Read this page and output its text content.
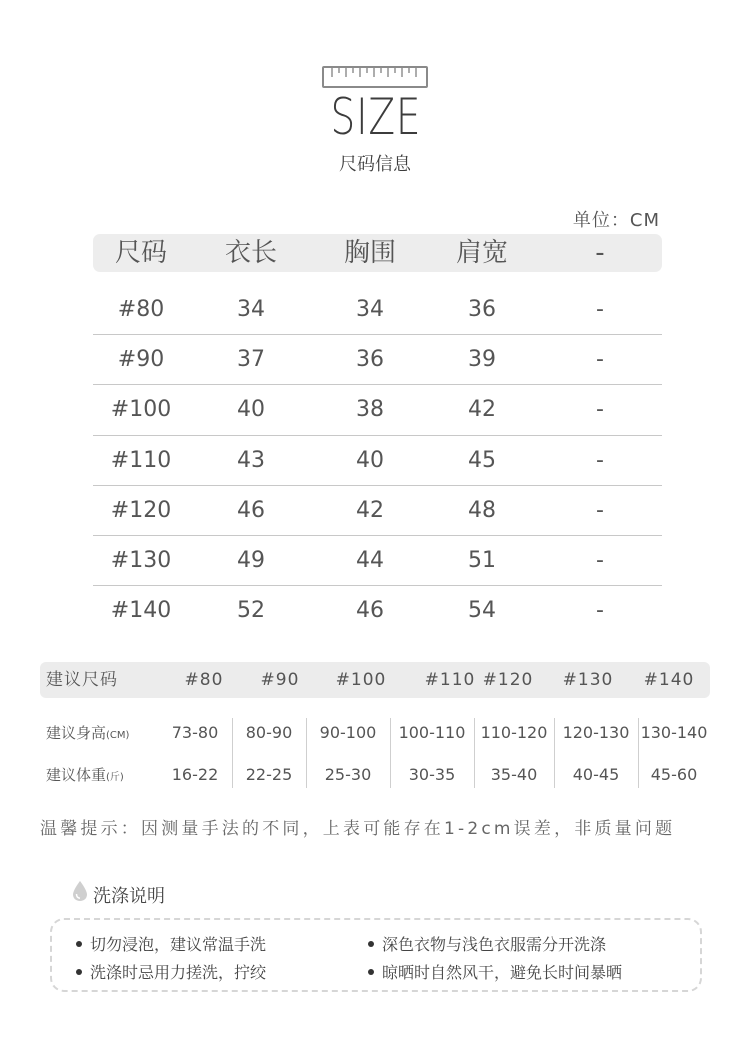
SIZE
尺码信息
单位：CM
尺码	衣长	胸围	肩宽	-
#80	34	34	36	-
#90	37	36	39	-
#100	40	38	42	-
#110	43	40	45	-
#120	46	42	48	-
#130	49	44	51	-
#140	52	46	54	-
建议尺码	#80	#90	#100	#110 #120	#130	#140
建议身高(CM)	73-80	80-90	90-100	100-110 110-120 120-130 130-140
建议体重(斤)	16-22	22-25	25-30	30-35	35-40	40-45	45-60
温馨提示：因测量手法的不同，上表可能存在1-2cm误差，非质量问题
洗涤说明
切勿浸泡，建议常温手洗	深色衣物与浅色衣服需分开洗涤
洗涤时忌用力搓洗，拧绞	晾晒时自然风干，避免长时间暴晒
